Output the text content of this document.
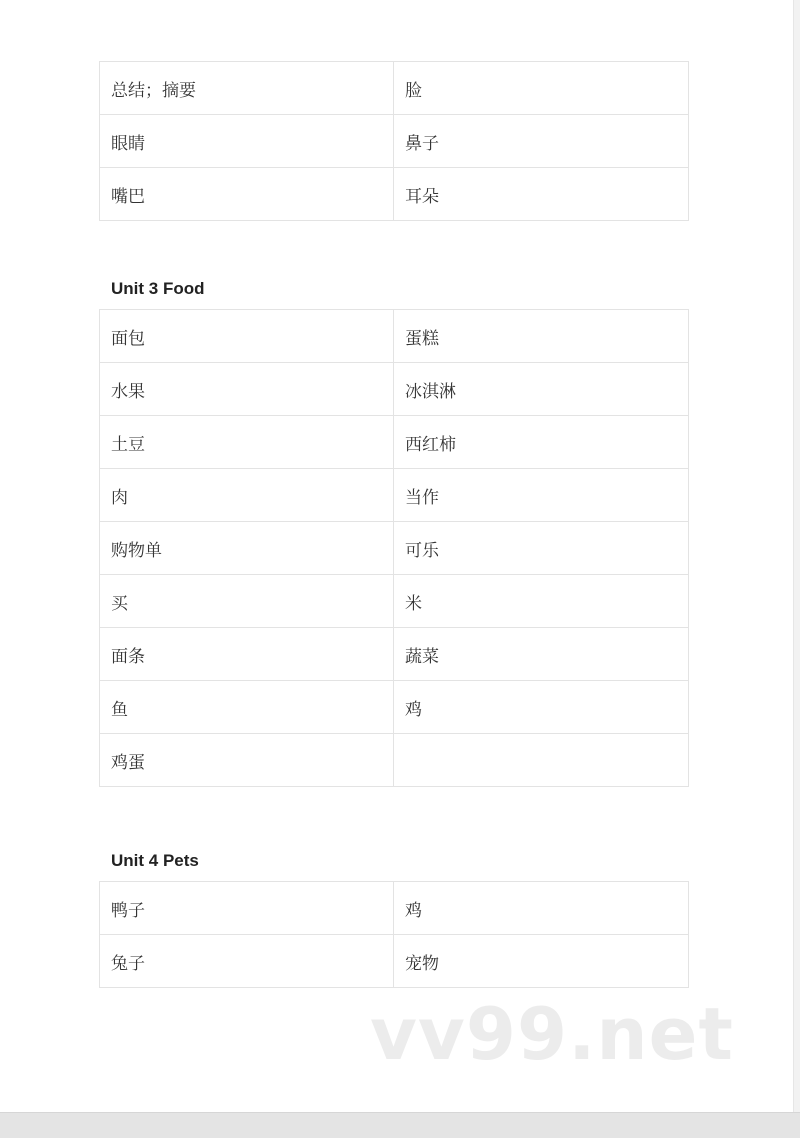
总结；摘要	脸
眼睛	鼻子
嘴巴	耳朵
Unit 3 Food
面包	蛋糕
水果	冰淇淋
土豆	西红柿
肉	当作
购物单	可乐
买	米
面条	蔬菜
鱼	鸡
鸡蛋	
Unit 4 Pets
鸭子	鸡
兔子	宠物
vv99.net
